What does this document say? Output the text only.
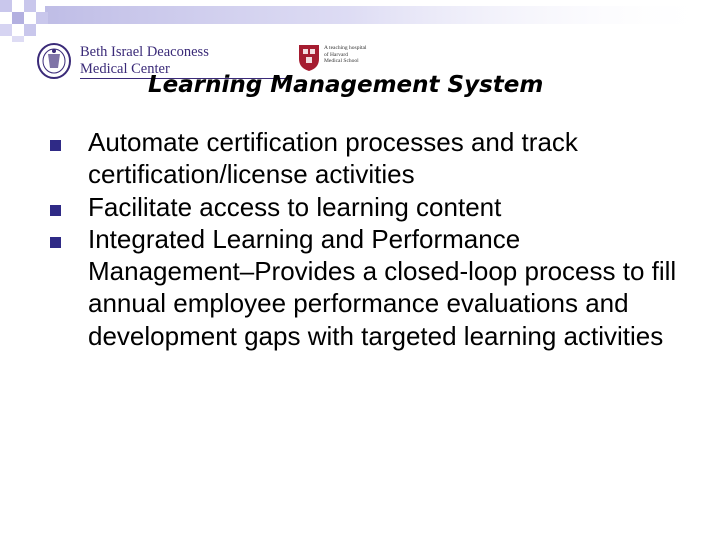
Beth Israel Deaconess
Medical Center
A teaching hospital
of Harvard
Medical School
Learning Management System
Automate certification processes and track certification/license activities
Facilitate access to learning content
Integrated Learning and Performance Management–Provides a closed-loop process to fill annual employee performance evaluations and development gaps with targeted learning activities
